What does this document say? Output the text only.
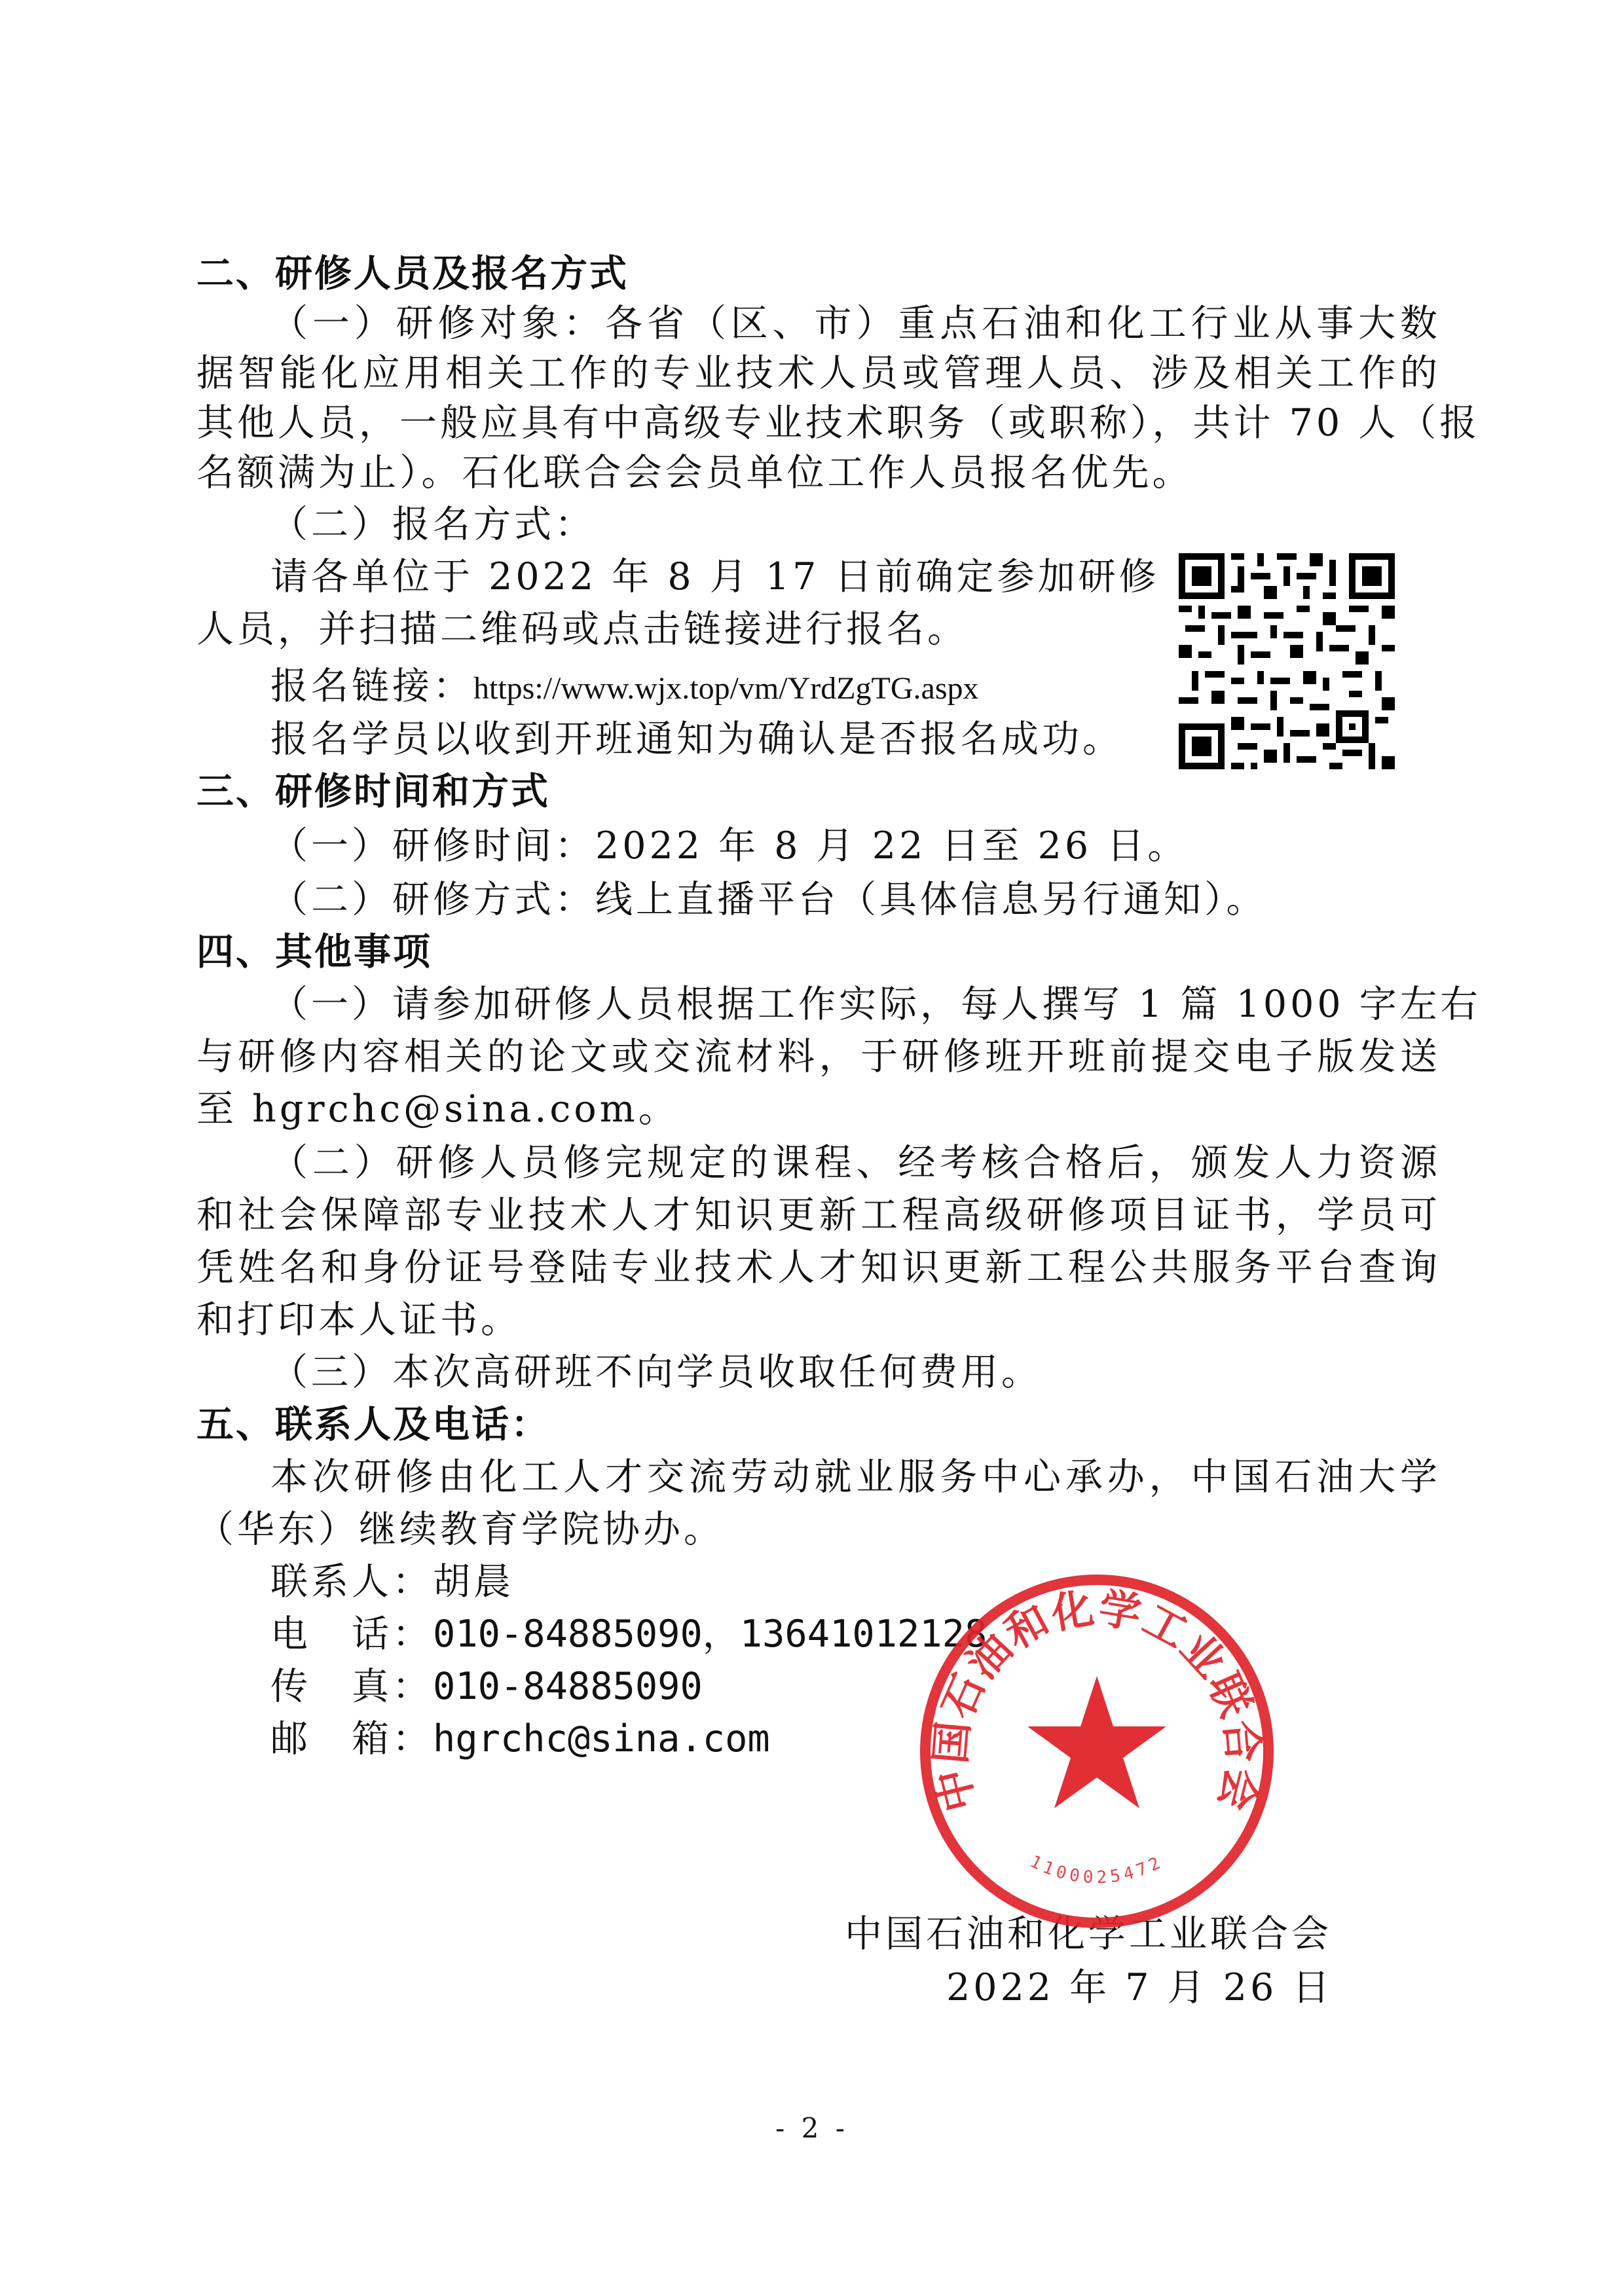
二、研修人员及报名方式
（一）研修对象：各省（区、市）重点石油和化工行业从事大数
据智能化应用相关工作的专业技术人员或管理人员、涉及相关工作的
其他人员，一般应具有中高级专业技术职务（或职称），共计 70 人（报
名额满为止）。石化联合会会员单位工作人员报名优先。
（二）报名方式：
请各单位于 2022 年 8 月 17 日前确定参加研修
人员，并扫描二维码或点击链接进行报名。
报名链接：https://www.wjx.top/vm/YrdZgTG.aspx
报名学员以收到开班通知为确认是否报名成功。
三、研修时间和方式
（一）研修时间：2022 年 8 月 22 日至 26 日。
（二）研修方式：线上直播平台（具体信息另行通知）。
四、其他事项
（一）请参加研修人员根据工作实际，每人撰写 1 篇 1000 字左右
与研修内容相关的论文或交流材料，于研修班开班前提交电子版发送
至 hgrchc@sina.com。
（二）研修人员修完规定的课程、经考核合格后，颁发人力资源
和社会保障部专业技术人才知识更新工程高级研修项目证书，学员可
凭姓名和身份证号登陆专业技术人才知识更新工程公共服务平台查询
和打印本人证书。
（三）本次高研班不向学员收取任何费用。
五、联系人及电话：
本次研修由化工人才交流劳动就业服务中心承办，中国石油大学
（华东）继续教育学院协办。
联系人：胡晨
电　话：010-84885090，13641012128
传　真：010-84885090
邮　箱：hgrchc@sina.com
中国石油和化学工业联合会
2022 年 7 月 26 日
中国石油和化学工业联合会
1100025472
- 2 -
